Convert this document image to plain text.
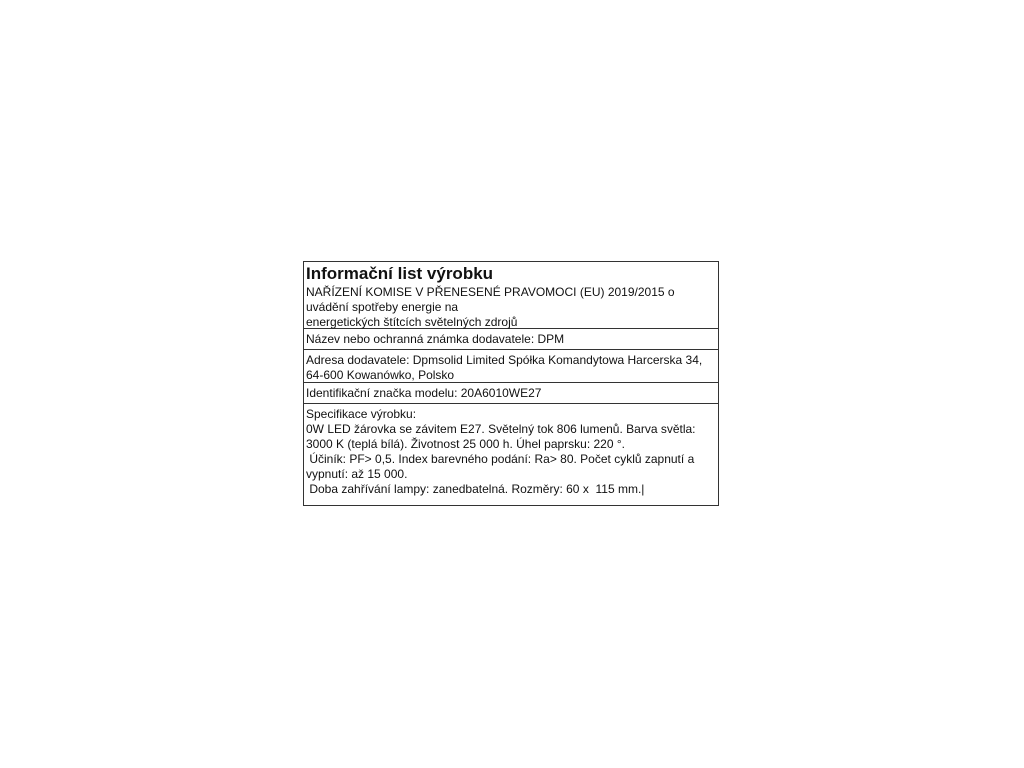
Informační list výrobku
NAŘÍZENÍ KOMISE V PŘENESENÉ PRAVOMOCI (EU) 2019/2015 o
uvádění spotřeby energie na
energetických štítcích světelných zdrojů
Název nebo ochranná známka dodavatele: DPM
Adresa dodavatele: Dpmsolid Limited Spółka Komandytowa Harcerska 34,
64-600 Kowanówko, Polsko
Identifikační značka modelu: 20A6010WE27
Specifikace výrobku:
0W LED žárovka se závitem E27. Světelný tok 806 lumenů. Barva světla:
3000 K (teplá bílá). Životnost 25 000 h. Úhel paprsku: 220 °.
Účiník: PF> 0,5. Index barevného podání: Ra> 80. Počet cyklů zapnutí a
vypnutí: až 15 000.
Doba zahřívání lampy: zanedbatelná. Rozměry: 60 x  115 mm.|
